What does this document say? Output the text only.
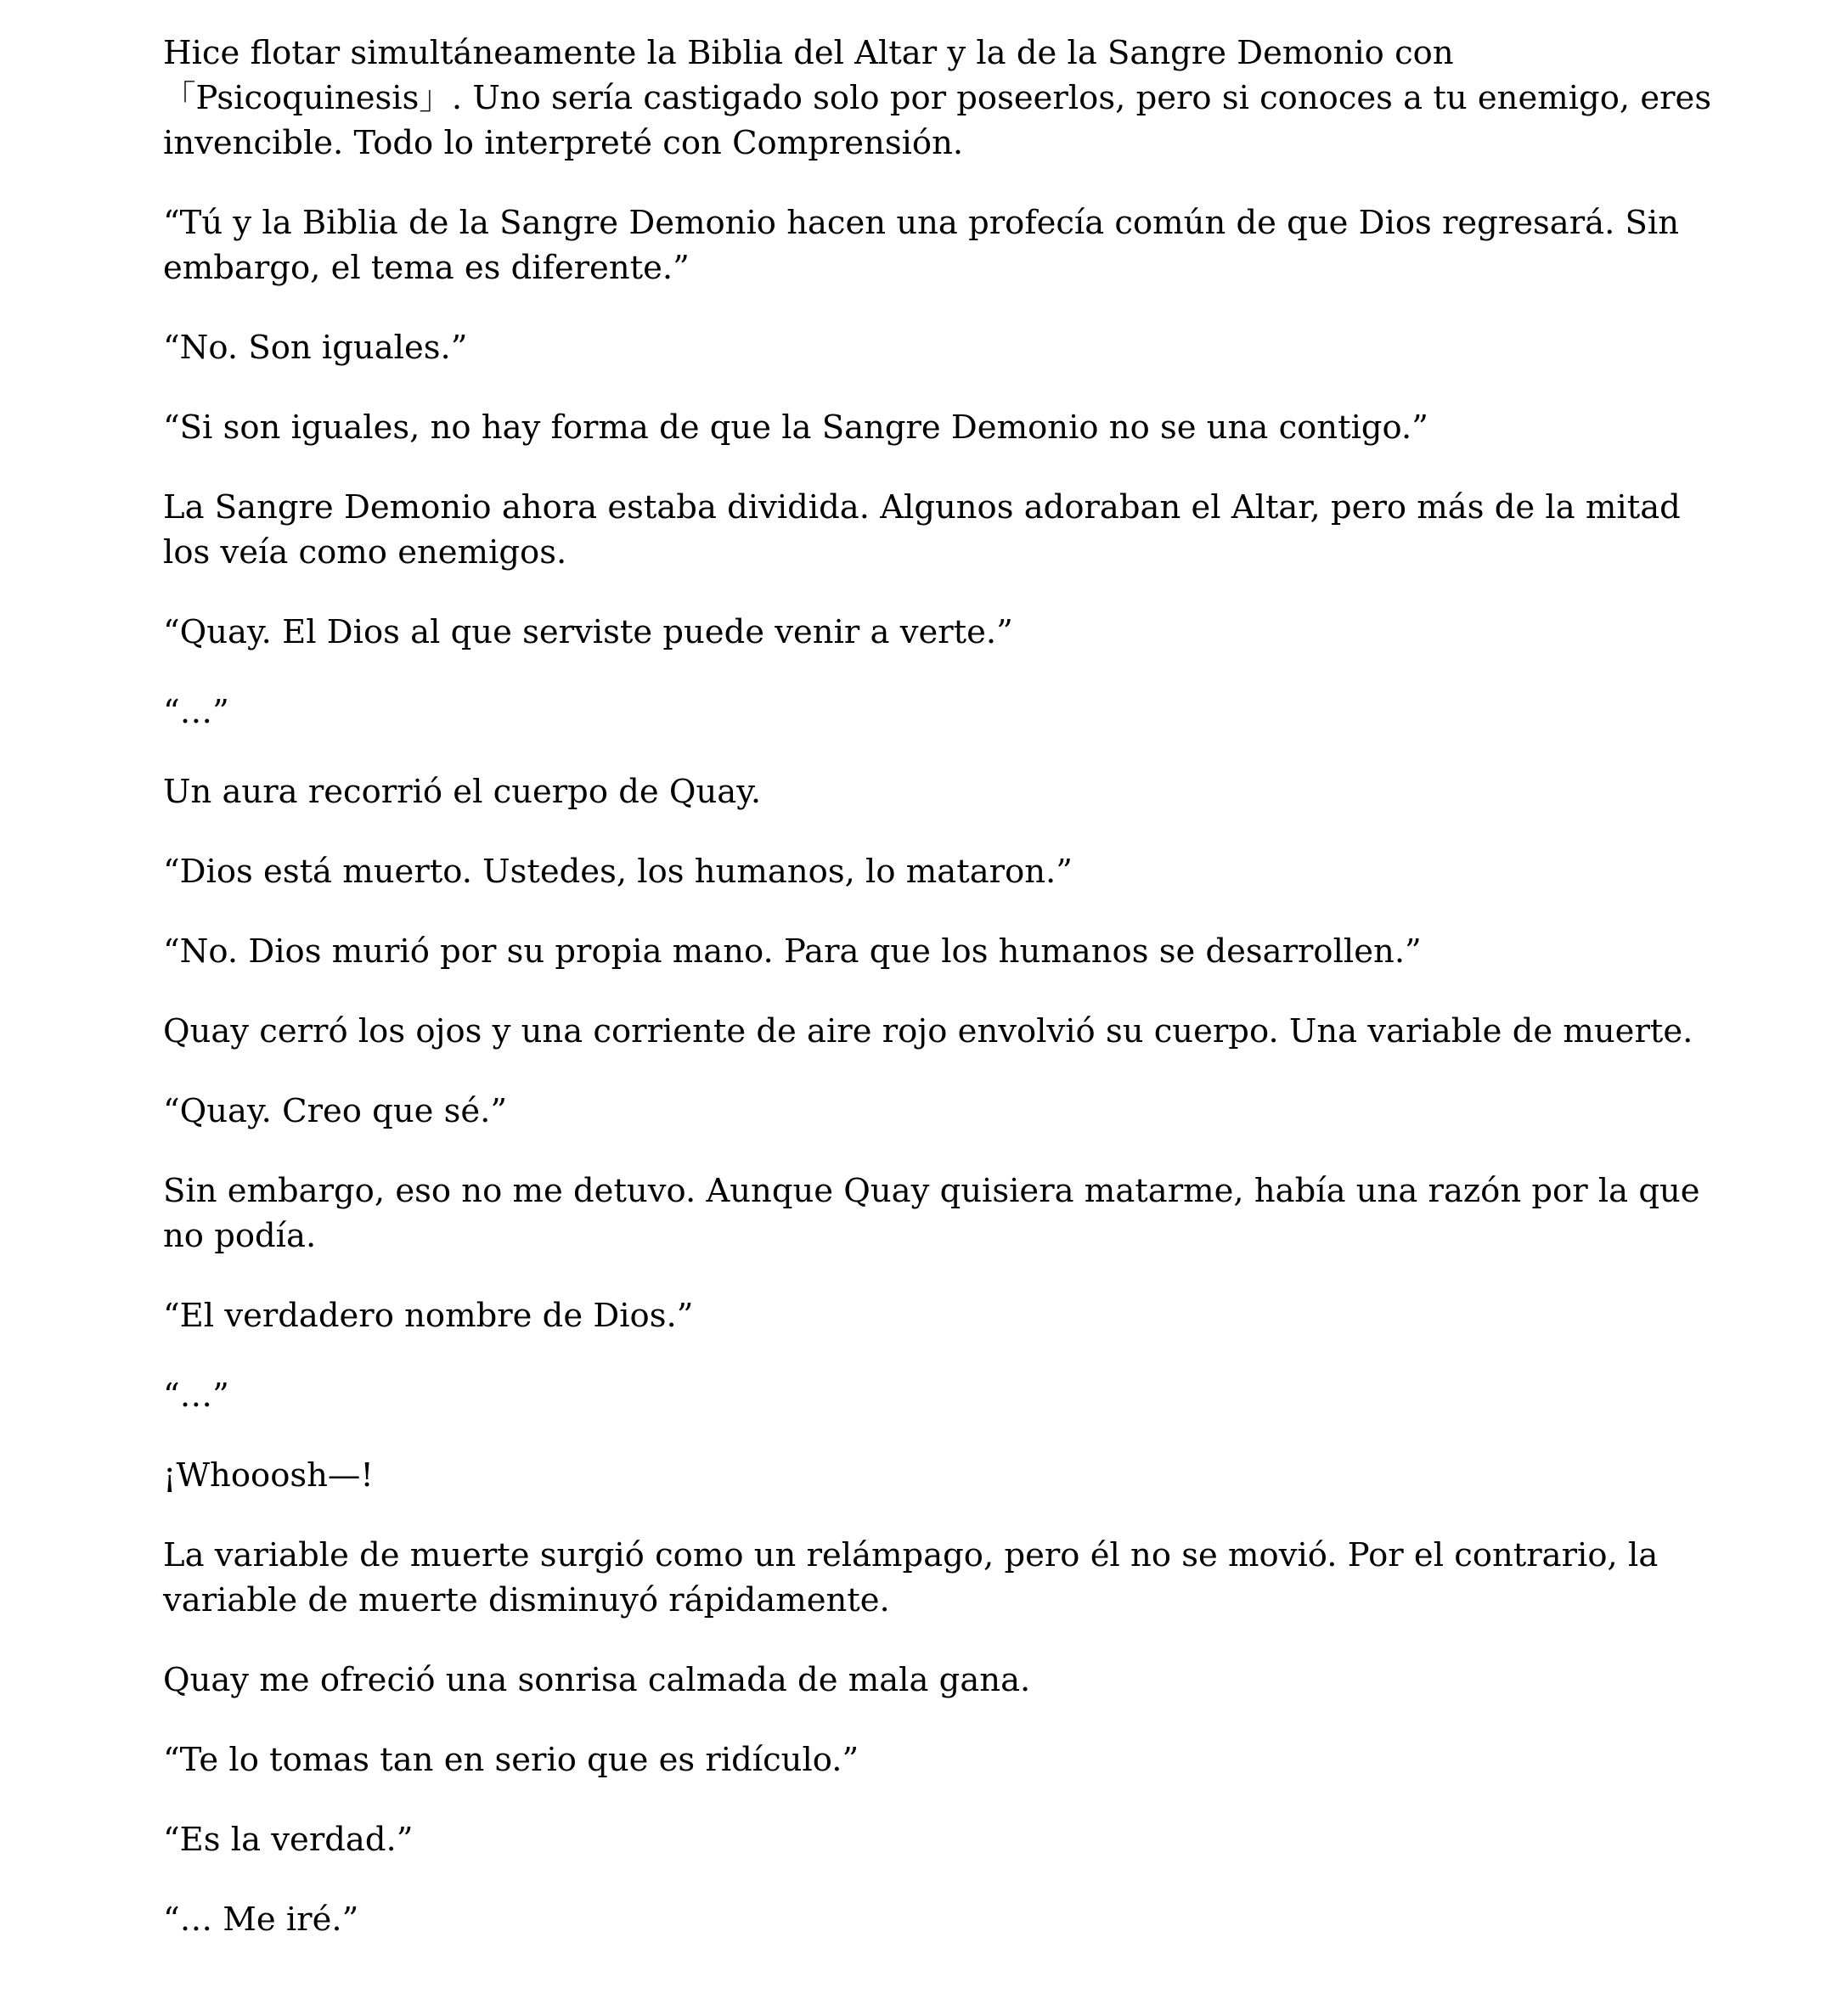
Hice flotar simultáneamente la Biblia del Altar y la de la Sangre Demonio con「Psicoquinesis」. Uno sería castigado solo por poseerlos, pero si conoces a tu enemigo, eres invencible. Todo lo interpreté con Comprensión.

“Tú y la Biblia de la Sangre Demonio hacen una profecía común de que Dios regresará. Sin embargo, el tema es diferente.”

“No. Son iguales.”

“Si son iguales, no hay forma de que la Sangre Demonio no se una contigo.”

La Sangre Demonio ahora estaba dividida. Algunos adoraban el Altar, pero más de la mitad los veía como enemigos.

“Quay. El Dios al que serviste puede venir a verte.”

“…”

Un aura recorrió el cuerpo de Quay.

“Dios está muerto. Ustedes, los humanos, lo mataron.”

“No. Dios murió por su propia mano. Para que los humanos se desarrollen.”

Quay cerró los ojos y una corriente de aire rojo envolvió su cuerpo. Una variable de muerte.

“Quay. Creo que sé.”

Sin embargo, eso no me detuvo. Aunque Quay quisiera matarme, había una razón por la que no podía.

“El verdadero nombre de Dios.”

“…”

¡Whooosh—!

La variable de muerte surgió como un relámpago, pero él no se movió. Por el contrario, la variable de muerte disminuyó rápidamente.

Quay me ofreció una sonrisa calmada de mala gana.

“Te lo tomas tan en serio que es ridículo.”

“Es la verdad.”

“… Me iré.”
